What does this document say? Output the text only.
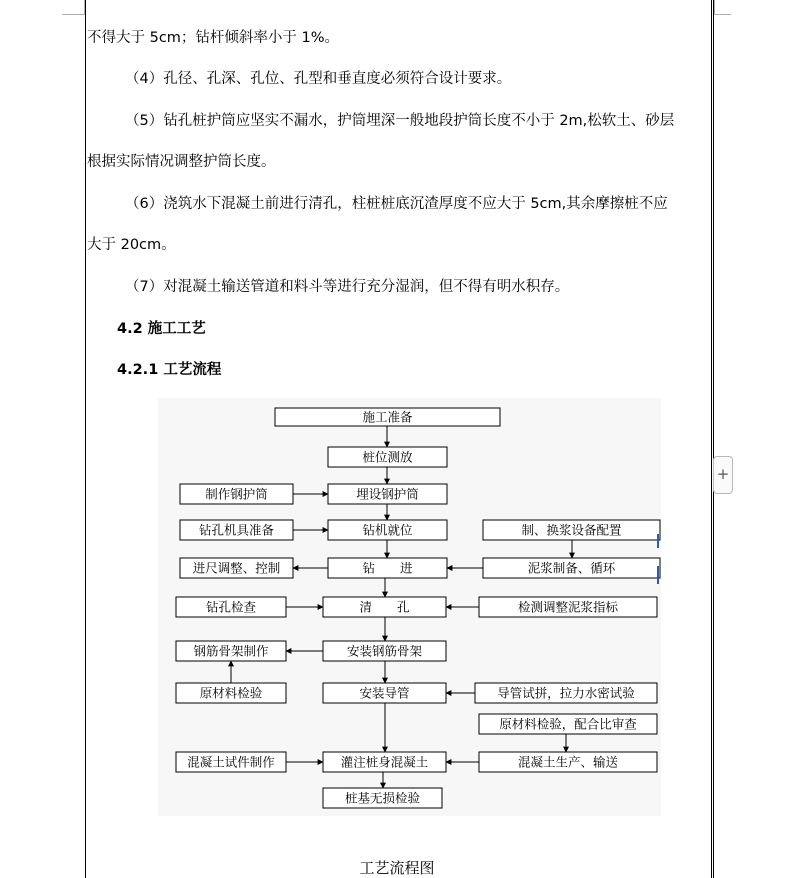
不得大于 5cm；钻杆倾斜率小于 1%。
（4）孔径、孔深、孔位、孔型和垂直度必须符合设计要求。
（5）钻孔桩护筒应坚实不漏水，护筒埋深一般地段护筒长度不小于 2m,松软土、砂层
根据实际情况调整护筒长度。
（6）浇筑水下混凝土前进行清孔，柱桩桩底沉渣厚度不应大于 5cm,其余摩擦桩不应
大于 20cm。
（7）对混凝土输送管道和料斗等进行充分湿润，但不得有明水积存。
4.2 施工工艺
4.2.1 工艺流程
+
施工准备
桩位测放
埋设钢护筒
钻机就位
钻　　进
清　　孔
安装钢筋骨架
安装导管
灌注桩身混凝土
桩基无损检验
制作钢护筒
钻孔机具准备
进尺调整、控制
钻孔检查
钢筋骨架制作
原材料检验
混凝土试件制作
制、换浆设备配置
泥浆制备、循环
检测调整泥浆指标
导管试拼，拉力水密试验
原材料检验，配合比审查
混凝土生产、输送
工艺流程图
